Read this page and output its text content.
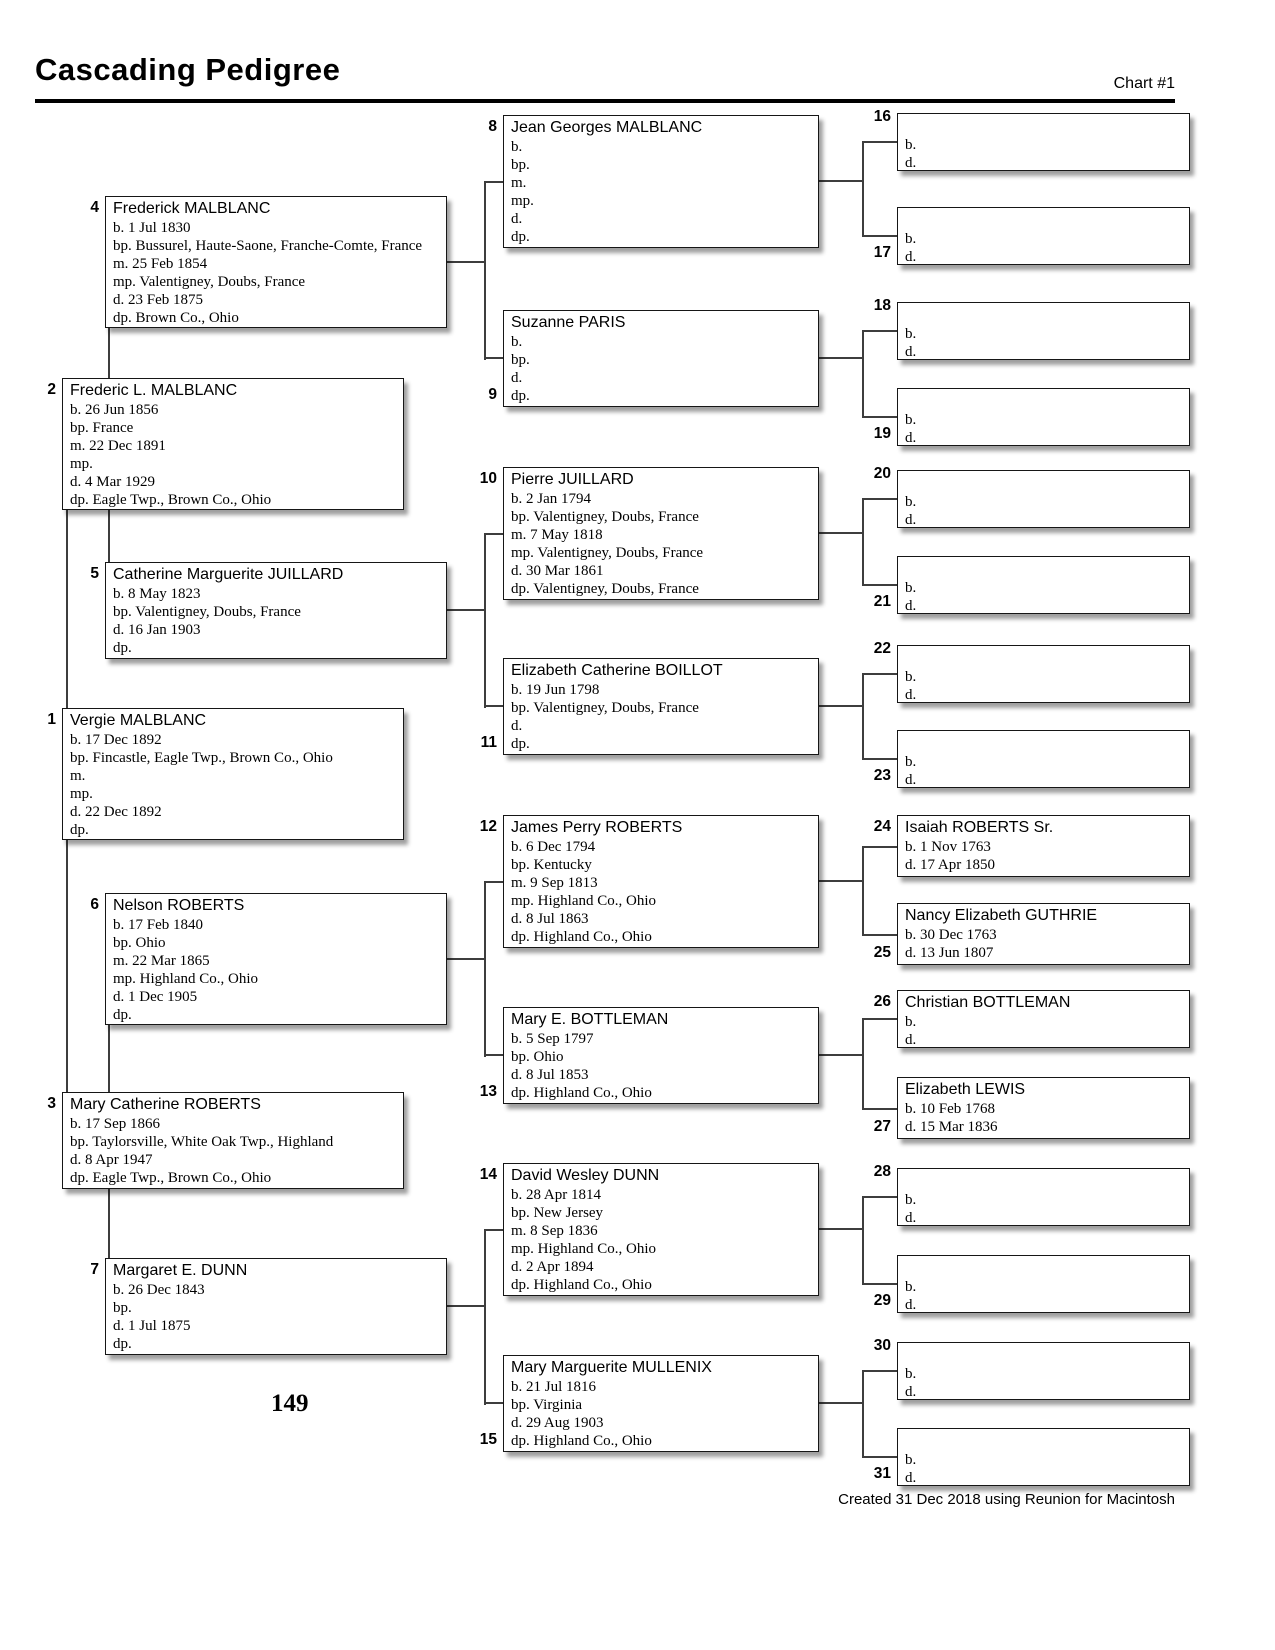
Cascading Pedigree	Chart #1
Vergie MALBLANC
b. 17 Dec 1892
bp. Fincastle, Eagle Twp., Brown Co., Ohio
m.
mp.
d. 22 Dec 1892
dp.
1
Frederic L. MALBLANC
b. 26 Jun 1856
bp. France
m. 22 Dec 1891
mp.
d. 4 Mar 1929
dp. Eagle Twp., Brown Co., Ohio
2
Mary Catherine ROBERTS
b. 17 Sep 1866
bp. Taylorsville, White Oak Twp., Highland
d. 8 Apr 1947
dp. Eagle Twp., Brown Co., Ohio
3
Frederick MALBLANC
b. 1 Jul 1830
bp. Bussurel, Haute-Saone, Franche-Comte, France
m. 25 Feb 1854
mp. Valentigney, Doubs, France
d. 23 Feb 1875
dp. Brown Co., Ohio
4
Catherine Marguerite JUILLARD
b. 8 May 1823
bp. Valentigney, Doubs, France
d. 16 Jan 1903
dp.
5
Nelson ROBERTS
b. 17 Feb 1840
bp. Ohio
m. 22 Mar 1865
mp. Highland Co., Ohio
d. 1 Dec 1905
dp.
6
Margaret E. DUNN
b. 26 Dec 1843
bp.
d. 1 Jul 1875
dp.
7
Jean Georges MALBLANC
b.
bp.
m.
mp.
d.
dp.
8
Suzanne PARIS
b.
bp.
d.
dp.
9
Pierre JUILLARD
b. 2 Jan 1794
bp. Valentigney, Doubs, France
m. 7 May 1818
mp. Valentigney, Doubs, France
d. 30 Mar 1861
dp. Valentigney, Doubs, France
10
Elizabeth Catherine BOILLOT
b. 19 Jun 1798
bp. Valentigney, Doubs, France
d.
dp.
11
James Perry ROBERTS
b. 6 Dec 1794
bp. Kentucky
m. 9 Sep 1813
mp. Highland Co., Ohio
d. 8 Jul 1863
dp. Highland Co., Ohio
12
Mary E. BOTTLEMAN
b. 5 Sep 1797
bp. Ohio
d. 8 Jul 1853
dp. Highland Co., Ohio
13
David Wesley DUNN
b. 28 Apr 1814
bp. New Jersey
m. 8 Sep 1836
mp. Highland Co., Ohio
d. 2 Apr 1894
dp. Highland Co., Ohio
14
Mary Marguerite MULLENIX
b. 21 Jul 1816
bp. Virginia
d. 29 Aug 1903
dp. Highland Co., Ohio
15
b.
d.
16
b.
d.
17
b.
d.
18
b.
d.
19
b.
d.
20
b.
d.
21
b.
d.
22
b.
d.
23
Isaiah ROBERTS Sr.
b. 1 Nov 1763
d. 17 Apr 1850
24
Nancy Elizabeth GUTHRIE
b. 30 Dec 1763
d. 13 Jun 1807
25
Christian BOTTLEMAN
b.
d.
26
Elizabeth LEWIS
b. 10 Feb 1768
d. 15 Mar 1836
27
b.
d.
28
b.
d.
29
b.
d.
30
b.
d.
31
149
Created 31 Dec 2018 using Reunion for Macintosh
